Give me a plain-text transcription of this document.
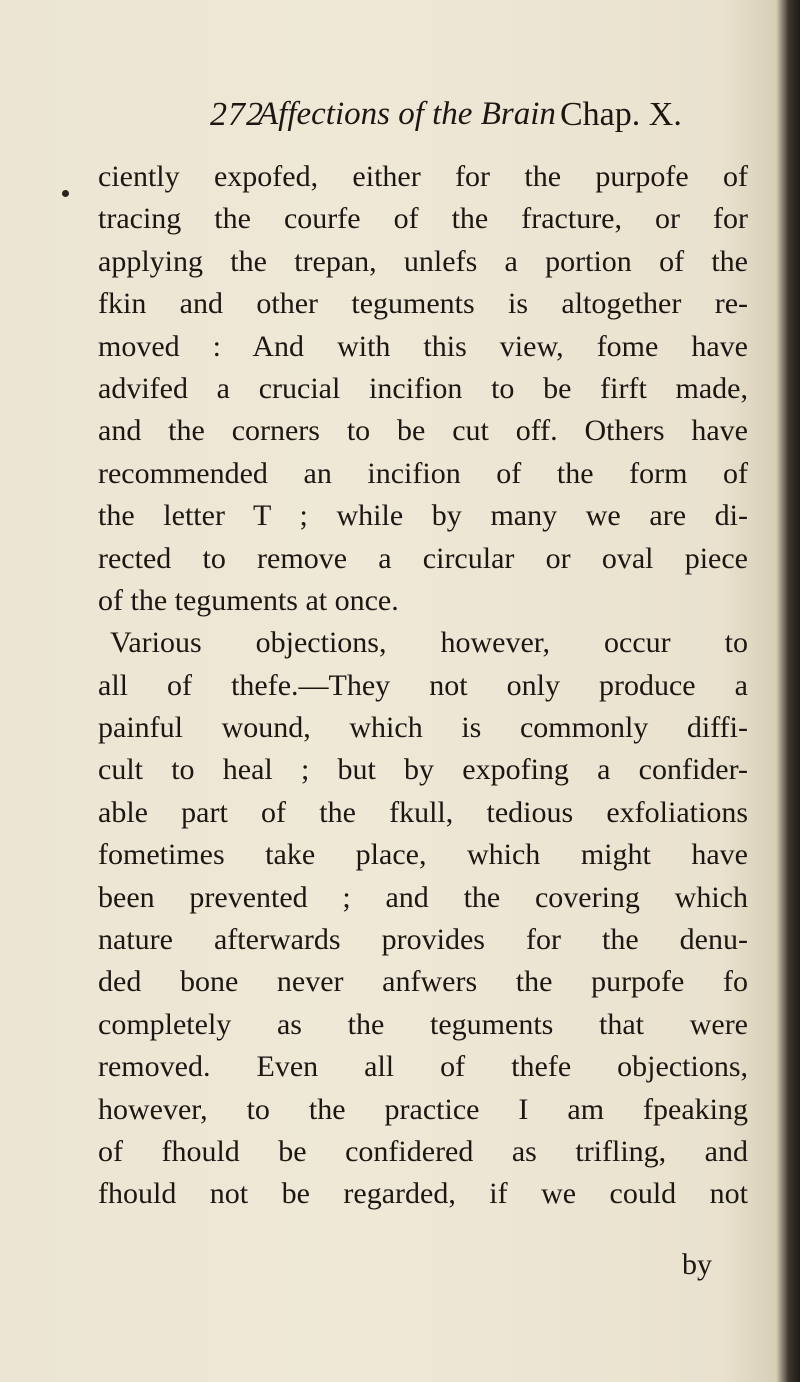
272
Affections of the Brain Chap. X.
ciently expofed, either for the purpofe of
tracing the courfe of the fracture, or for
applying the trepan, unlefs a portion of the
fkin and other teguments is altogether re-
moved : And with this view, fome have
advifed a crucial incifion to be firft made,
and the corners to be cut off. Others have
recommended an incifion of the form of
the letter T ; while by many we are di-
rected to remove a circular or oval piece
of the teguments at once.
Various objections, however, occur to
all of thefe.—They not only produce a
painful wound, which is commonly diffi-
cult to heal ; but by expofing a confider-
able part of the fkull, tedious exfoliations
fometimes take place, which might have
been prevented ; and the covering which
nature afterwards provides for the denu-
ded bone never anfwers the purpofe fo
completely as the teguments that were
removed. Even all of thefe objections,
however, to the practice I am fpeaking
of fhould be confidered as trifling, and
fhould not be regarded, if we could not
by
